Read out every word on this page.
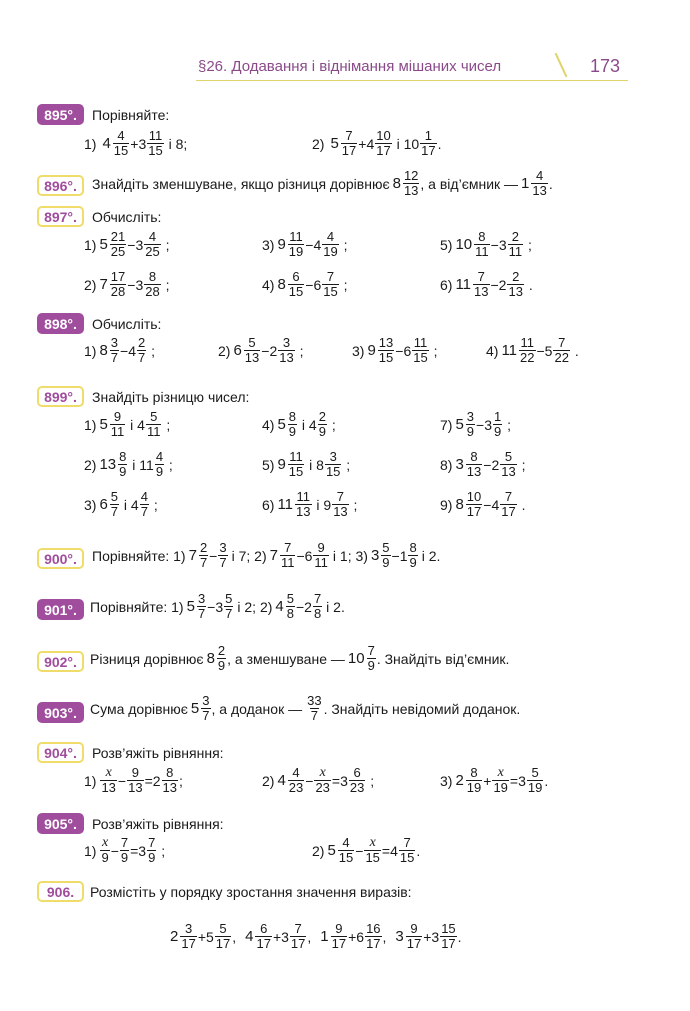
§26. Додавання і віднімання мішаних чисел	173
895°.	Порівняйте:
1) $4 \frac{4}{15} +3 \frac{11}{15}$ і 8;	2) $5 \frac{7}{17} +4 \frac{10}{17}$ і $10 \frac{1}{17}$ .
896°.	Знайдіть зменшуване, якщо різниця дорівнює $8 \frac{12}{13}$ , а від’ємник — $1 \frac{4}{13}$ .
897°.	Обчисліть:
1) $5 \frac{21}{25} -3 \frac{4}{25}$ ;	3) $9 \frac{11}{19} -4 \frac{4}{19}$ ;	5) $10 \frac{8}{11} -3 \frac{2}{11}$ ;
2) $7 \frac{17}{28} -3 \frac{8}{28}$ ;	4) $8 \frac{6}{15} -6 \frac{7}{15}$ ;	6) $11 \frac{7}{13} -2 \frac{2}{13}$ .
898°.	Обчисліть:
1) $8 \frac{3}{7} -4 \frac{2}{7}$ ;	2) $6 \frac{5}{13} -2 \frac{3}{13}$ ;	3) $9 \frac{13}{15} -6 \frac{11}{15}$ ;	4) $11 \frac{11}{22} -5 \frac{7}{22}$ .
899°.	Знайдіть різницю чисел:
1) $5 \frac{9}{11}$ і $4 \frac{5}{11}$ ;	4) $5 \frac{8}{9}$ і $4 \frac{2}{9}$ ;	7) $5 \frac{3}{9} -3 \frac{1}{9}$ ;
2) $13 \frac{8}{9}$ і $11 \frac{4}{9}$ ;	5) $9 \frac{11}{15}$ і $8 \frac{3}{15}$ ;	8) $3 \frac{8}{13} -2 \frac{5}{13}$ ;
3) $6 \frac{5}{7}$ і $4 \frac{4}{7}$ ;	6) $11 \frac{11}{13}$ і $9 \frac{7}{13}$ ;	9) $8 \frac{10}{17} -4 \frac{7}{17}$ .
900°.	Порівняйте: 1) $7 \frac{2}{7} - \frac{3}{7}$ і 7; 2) $7 \frac{7}{11} -6 \frac{9}{11}$ і 1; 3) $3 \frac{5}{9} -1 \frac{8}{9}$ і 2.
901°. Порівняйте: 1) $5 \frac{3}{7} -3 \frac{5}{7}$ і 2; 2) $4 \frac{5}{8} -2 \frac{7}{8}$ і 2.
902°. Різниця дорівнює $8 \frac{2}{9}$ , а зменшуване — $10 \frac{7}{9}$ . Знайдіть від’ємник.
903°. Сума дорівнює $5 \frac{3}{7}$ , а доданок — $\frac{33}{7}$ . Знайдіть невідомий доданок.
904°.	Розв’яжіть рівняння:
$1) \frac{x}{13} - \frac{9}{13} =2 \frac{8}{13}$ ;	2) $4 \frac{4}{23} - \frac{x}{23} =3 \frac{6}{23}$ ;	3) $2 \frac{8}{19} + \frac{x}{19} =3 \frac{5}{19}$ .
905°.	Розв’яжіть рівняння:
$1) \frac{x}{9} - \frac{7}{9} =3 \frac{7}{9}$ ;	2) $5 \frac{4}{15} - \frac{x}{15} =4 \frac{7}{15}$ .
906.	Розмістіть у порядку зростання значення виразів:
$2 \frac{3}{17} +5 \frac{5}{17}$ , $4 \frac{6}{17} +3 \frac{7}{17}$ , $1 \frac{9}{17} +6 \frac{16}{17}$ , $3 \frac{9}{17} +3 \frac{15}{17}$ .
